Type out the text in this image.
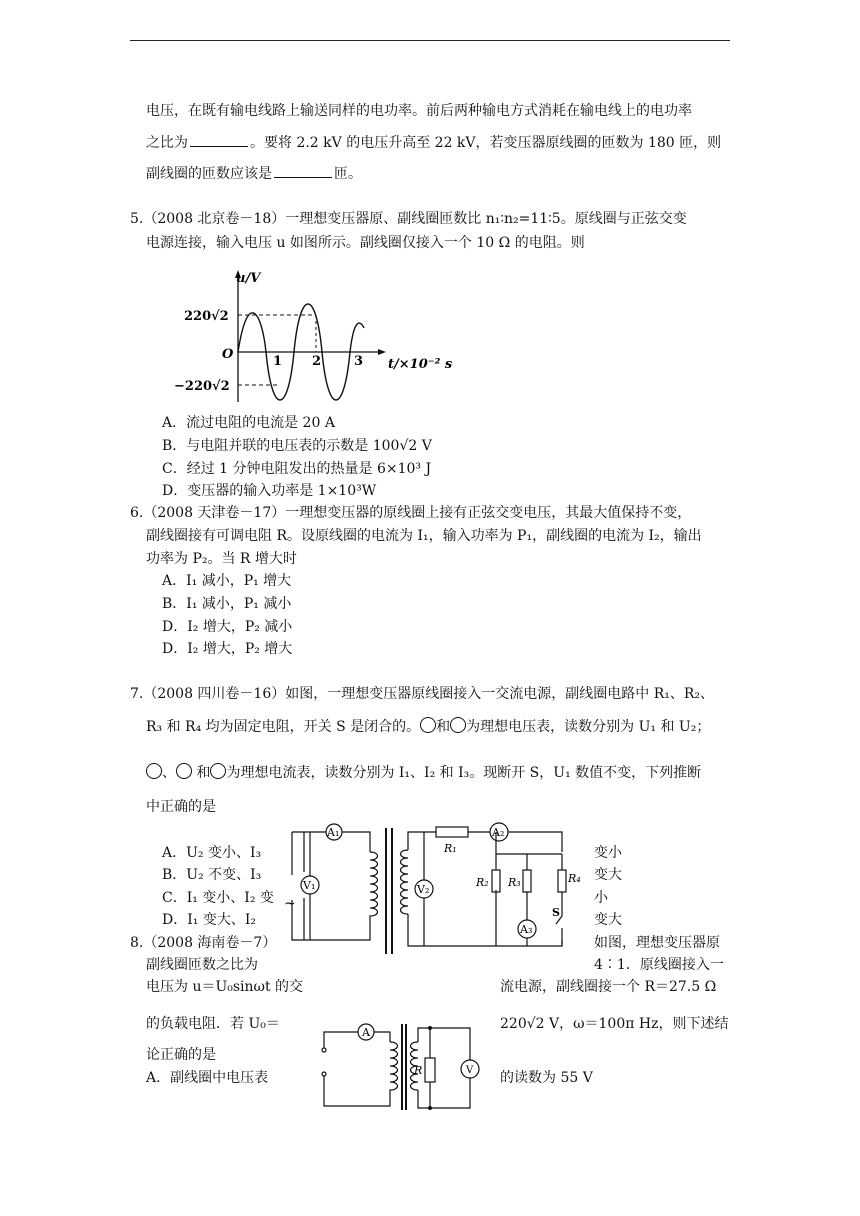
电压，在既有输电线路上输送同样的电功率。前后两种输电方式消耗在输电线上的电功率
之比为	。要将 2.2 kV 的电压升高至 22 kV，若变压器原线圈的匝数为 180 匝，则
副线圈的匝数应该是	匝。
5.（2008 北京卷－18）一理想变压器原、副线圈匝数比 n₁∶n₂=11∶5。原线圈与正弦交变
电源连接，输入电压 u 如图所示。副线圈仅接入一个 10 Ω 的电阻。则
u/V
220√2
−220√2
O
t/×10⁻² s
1 2	3
A．流过电阻的电流是 20 A
B．与电阻并联的电压表的示数是 100√2 V
C．经过 1 分钟电阻发出的热量是 6×10³ J
D．变压器的输入功率是 1×10³W
6.（2008 天津卷－17）一理想变压器的原线圈上接有正弦交变电压，其最大值保持不变，
副线圈接有可调电阻 R。设原线圈的电流为 I₁，输入功率为 P₁，副线圈的电流为 I₂，输出
功率为 P₂。当 R 增大时
A．I₁ 减小，P₁ 增大
B．I₁ 减小，P₁ 减小
D．I₂ 增大，P₂ 减小
D．I₂ 增大，P₂ 增大
7.（2008 四川卷－16）如图，一理想变压器原线圈接入一交流电源，副线圈电路中 R₁、R₂、
R₃ 和 R₄ 均为固定电阻，开关 S 是闭合的。 和 为理想电压表，读数分别为 U₁ 和 U₂；
、 和 为理想电流表，读数分别为 I₁、I₂ 和 I₃。现断开 S，U₁ 数值不变，下列推断
中正确的是
A．U₂ 变小、I₃
B．U₂ 不变、I₃
C．I₁ 变小、I₂ 变
D．I₁ 变大、I₂
变小
变大
小
变大
A₁
V₁
~
A₂
V₂
R₁
R₂ R₃	R₄
A₃
S
8.（2008 海南卷－7）	如图，理想变压器原
副线圈匝数之比为	4∶1．原线圈接入一
电压为 u＝U₀sinωt 的交	流电源，副线圈接一个 R＝27.5 Ω
的负载电阻．若 U₀＝	220√2 V，ω＝100π Hz，则下述结
论正确的是
A．副线圈中电压表	的读数为 55 V
A
V
R
